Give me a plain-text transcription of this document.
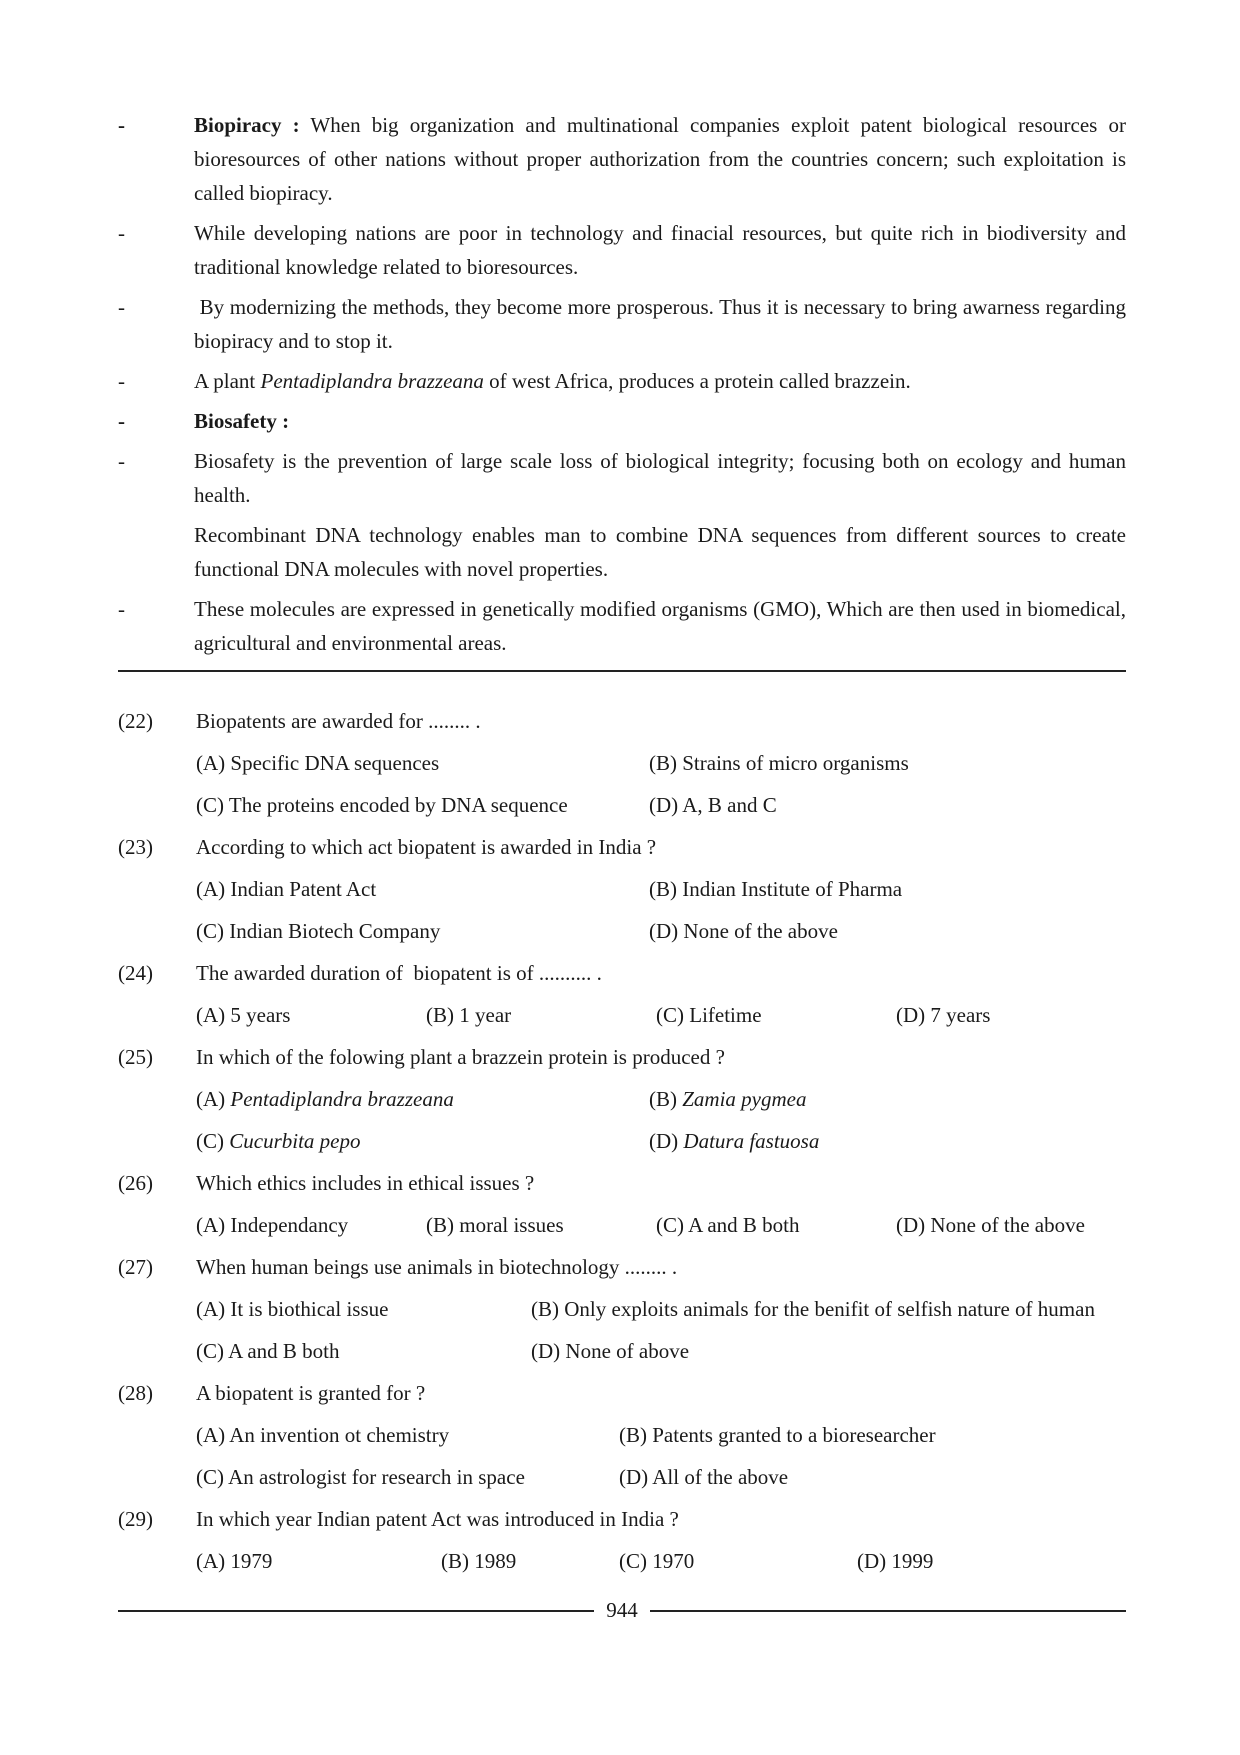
-	Biopiracy : When big organization and multinational companies exploit patent biological resources or bioresources of other nations without proper authorization from the countries concern; such exploitation is called biopiracy.
-	While developing nations are poor in technology and finacial resources, but quite rich in biodiversity and traditional knowledge related to bioresources.
-	By modernizing the methods, they become more prosperous. Thus it is necessary to bring awarness regarding biopiracy and to stop it.
-	A plant Pentadiplandra brazzeana of west Africa, produces a protein called brazzein.
-	Biosafety :
-	Biosafety is the prevention of large scale loss of biological integrity; focusing both on ecology and human health.
Recombinant DNA technology enables man to combine DNA sequences from different sources to create functional DNA molecules with novel properties.
-	These molecules are expressed in genetically modified organisms (GMO), Which are then used in biomedical, agricultural and environmental areas.
(22)	Biopatents are awarded for ........ .
(A) Specific DNA sequences	(B) Strains of micro organisms
(C) The proteins encoded by DNA sequence	(D) A, B and C
(23)	According to which act biopatent is awarded in India ?
(A) Indian Patent Act	(B) Indian Institute of Pharma
(C) Indian Biotech Company	(D) None of the above
(24)	The awarded duration of  biopatent is of .......... .
(A) 5 years	(B) 1 year	(C) Lifetime	(D) 7 years
(25)	In which of the folowing plant a brazzein protein is produced ?
(A) Pentadiplandra brazzeana	(B) Zamia pygmea
(C) Cucurbita pepo	(D) Datura fastuosa
(26)	Which ethics includes in ethical issues ?
(A) Independancy	(B) moral issues	(C) A and B both	(D) None of the above
(27)	When human beings use animals in biotechnology ........ .
(A) It is biothical issue	(B) Only exploits animals for the benifit of selfish nature of human
(C) A and B both	(D) None of above
(28)	A biopatent is granted for ?
(A) An invention ot chemistry	(B) Patents granted to a bioresearcher
(C) An astrologist for research in space	(D) All of the above
(29)	In which year Indian patent Act was introduced in India ?
(A) 1979	(B) 1989	(C) 1970	(D) 1999
944
